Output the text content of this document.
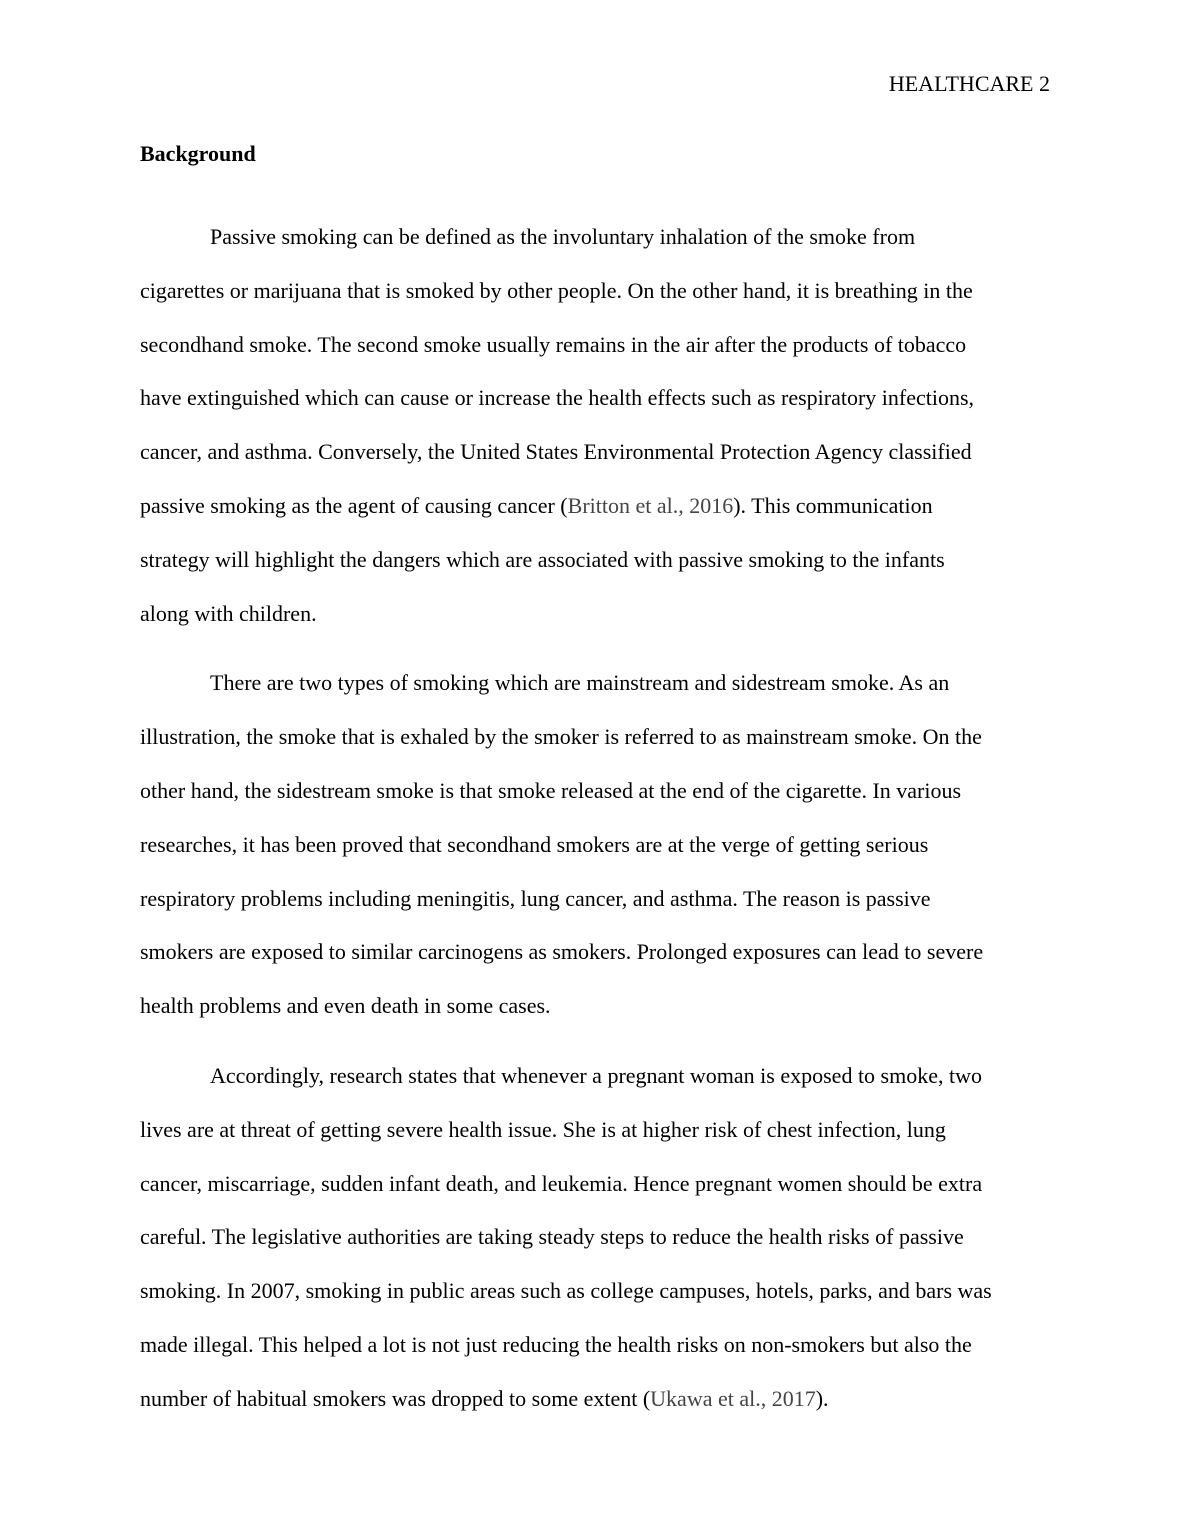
HEALTHCARE 2
Background

Passive smoking can be defined as the involuntary inhalation of the smoke from
cigarettes or marijuana that is smoked by other people. On the other hand, it is breathing in the
secondhand smoke. The second smoke usually remains in the air after the products of tobacco
have extinguished which can cause or increase the health effects such as respiratory infections,
cancer, and asthma. Conversely, the United States Environmental Protection Agency classified
passive smoking as the agent of causing cancer (Britton et al., 2016). This communication
strategy will highlight the dangers which are associated with passive smoking to the infants
along with children.

There are two types of smoking which are mainstream and sidestream smoke. As an
illustration, the smoke that is exhaled by the smoker is referred to as mainstream smoke. On the
other hand, the sidestream smoke is that smoke released at the end of the cigarette. In various
researches, it has been proved that secondhand smokers are at the verge of getting serious
respiratory problems including meningitis, lung cancer, and asthma. The reason is passive
smokers are exposed to similar carcinogens as smokers. Prolonged exposures can lead to severe
health problems and even death in some cases.

Accordingly, research states that whenever a pregnant woman is exposed to smoke, two
lives are at threat of getting severe health issue. She is at higher risk of chest infection, lung
cancer, miscarriage, sudden infant death, and leukemia. Hence pregnant women should be extra
careful. The legislative authorities are taking steady steps to reduce the health risks of passive
smoking. In 2007, smoking in public areas such as college campuses, hotels, parks, and bars was
made illegal. This helped a lot is not just reducing the health risks on non-smokers but also the
number of habitual smokers was dropped to some extent (Ukawa et al., 2017).
